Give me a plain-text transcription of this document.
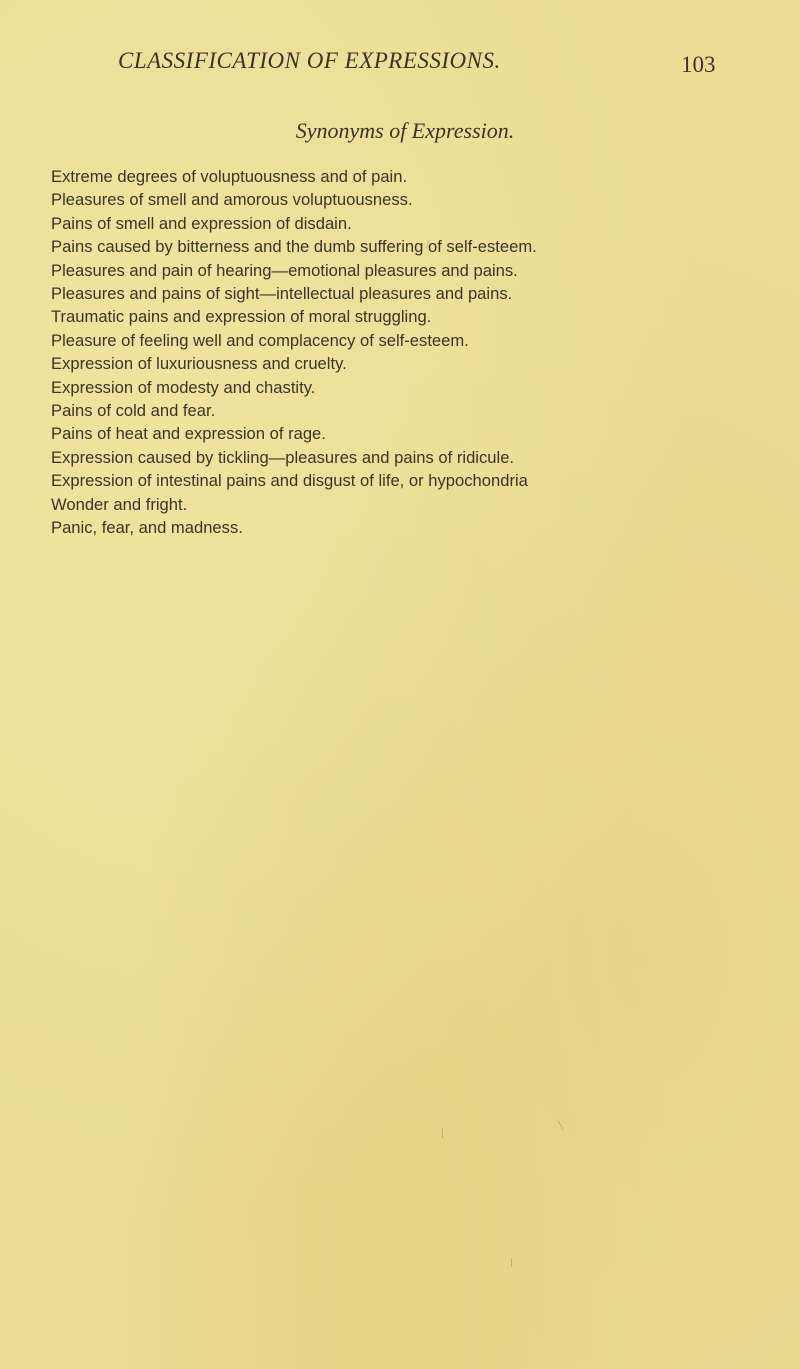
CLASSIFICATION OF EXPRESSIONS.	103
Synonyms of Expression.
Extreme degrees of voluptuousness and of pain.
Pleasures of smell and amorous voluptuousness.
Pains of smell and expression of disdain.
Pains caused by bitterness and the dumb suffering of self-esteem.
Pleasures and pain of hearing—emotional pleasures and pains.
Pleasures and pains of sight—intellectual pleasures and pains.
Traumatic pains and expression of moral struggling.
Pleasure of feeling well and complacency of self-esteem.
Expression of luxuriousness and cruelty.
Expression of modesty and chastity.
Pains of cold and fear.
Pains of heat and expression of rage.
Expression caused by tickling—pleasures and pains of ridicule.
Expression of intestinal pains and disgust of life, or hypochondria
Wonder and fright.
Panic, fear, and madness.
